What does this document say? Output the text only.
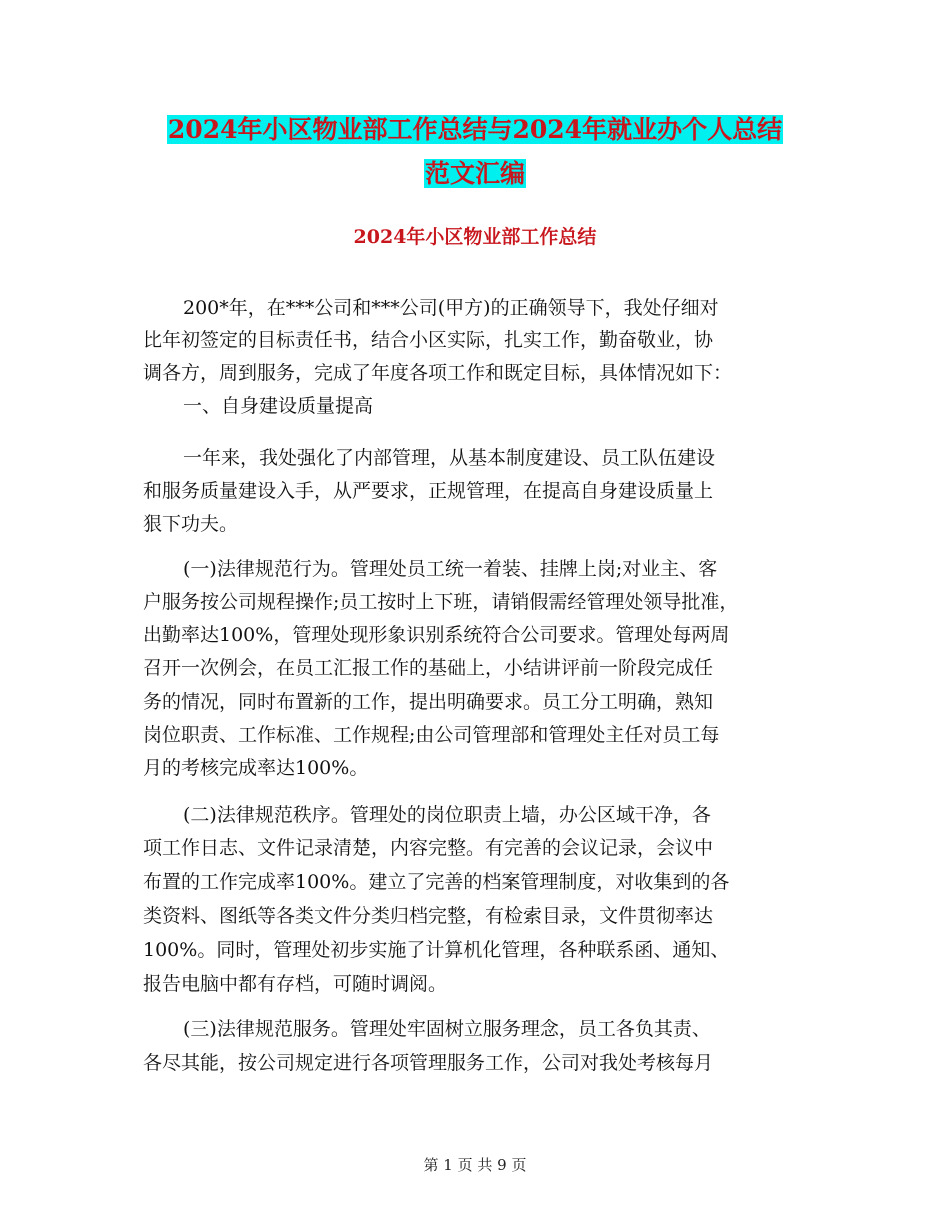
2024年小区物业部工作总结与2024年就业办个人总结
范文汇编
2024年小区物业部工作总结
200*年，在***公司和***公司(甲方)的正确领导下，我处仔细对
比年初签定的目标责任书，结合小区实际，扎实工作，勤奋敬业，协
调各方，周到服务，完成了年度各项工作和既定目标，具体情况如下：
一、自身建设质量提高
一年来，我处强化了内部管理，从基本制度建设、员工队伍建设
和服务质量建设入手，从严要求，正规管理，在提高自身建设质量上
狠下功夫。
(一)法律规范行为。管理处员工统一着装、挂牌上岗;对业主、客
户服务按公司规程操作;员工按时上下班，请销假需经管理处领导批准，
出勤率达100%，管理处现形象识别系统符合公司要求。管理处每两周
召开一次例会，在员工汇报工作的基础上，小结讲评前一阶段完成任
务的情况，同时布置新的工作，提出明确要求。员工分工明确，熟知
岗位职责、工作标准、工作规程;由公司管理部和管理处主任对员工每
月的考核完成率达100%。
(二)法律规范秩序。管理处的岗位职责上墙，办公区域干净，各
项工作日志、文件记录清楚，内容完整。有完善的会议记录，会议中
布置的工作完成率100%。建立了完善的档案管理制度，对收集到的各
类资料、图纸等各类文件分类归档完整，有检索目录，文件贯彻率达
100%。同时，管理处初步实施了计算机化管理，各种联系函、通知、
报告电脑中都有存档，可随时调阅。
(三)法律规范服务。管理处牢固树立服务理念，员工各负其责、
各尽其能，按公司规定进行各项管理服务工作，公司对我处考核每月
第 1 页 共 9 页
